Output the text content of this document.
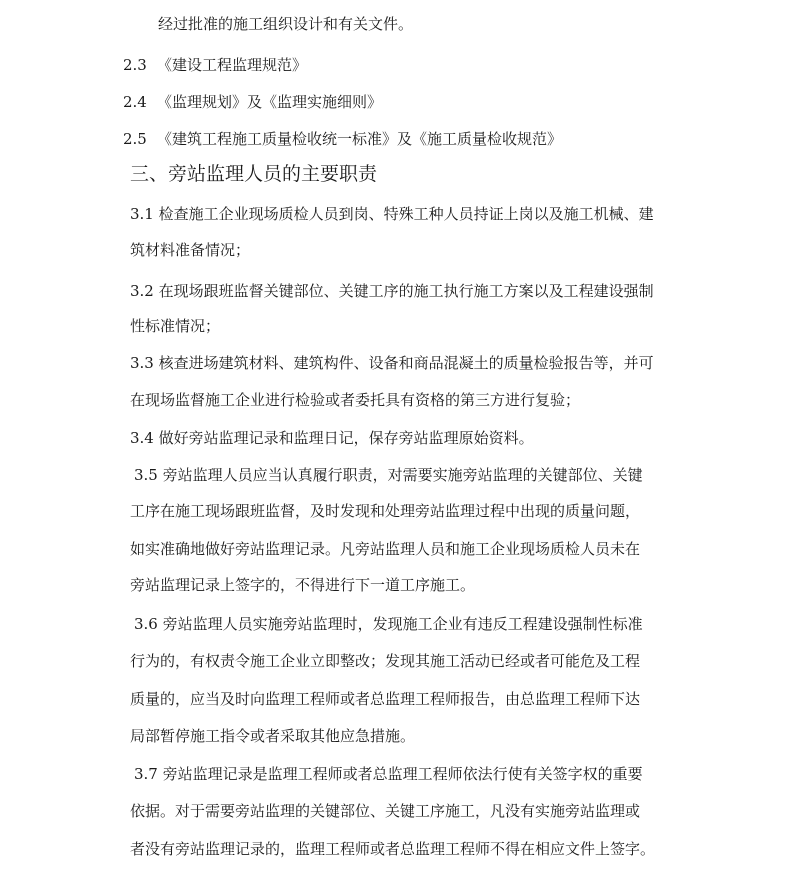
经过批准的施工组织设计和有关文件。
2.3 《建设工程监理规范》
2.4 《监理规划》及《监理实施细则》
2.5 《建筑工程施工质量检收统一标准》及《施工质量检收规范》
三、旁站监理人员的主要职责
3.1 检查施工企业现场质检人员到岗、特殊工种人员持证上岗以及施工机械、建
筑材料准备情况；
3.2 在现场跟班监督关键部位、关键工序的施工执行施工方案以及工程建设强制
性标准情况；
3.3 核查进场建筑材料、建筑构件、设备和商品混凝土的质量检验报告等，并可
在现场监督施工企业进行检验或者委托具有资格的第三方进行复验；
3.4 做好旁站监理记录和监理日记，保存旁站监理原始资料。
3.5 旁站监理人员应当认真履行职责，对需要实施旁站监理的关键部位、关键
工序在施工现场跟班监督，及时发现和处理旁站监理过程中出现的质量问题，
如实准确地做好旁站监理记录。凡旁站监理人员和施工企业现场质检人员未在
旁站监理记录上签字的，不得进行下一道工序施工。
3.6 旁站监理人员实施旁站监理时，发现施工企业有违反工程建设强制性标准
行为的，有权责令施工企业立即整改；发现其施工活动已经或者可能危及工程
质量的，应当及时向监理工程师或者总监理工程师报告，由总监理工程师下达
局部暂停施工指令或者采取其他应急措施。
3.7 旁站监理记录是监理工程师或者总监理工程师依法行使有关签字权的重要
依据。对于需要旁站监理的关键部位、关键工序施工，凡没有实施旁站监理或
者没有旁站监理记录的，监理工程师或者总监理工程师不得在相应文件上签字。
